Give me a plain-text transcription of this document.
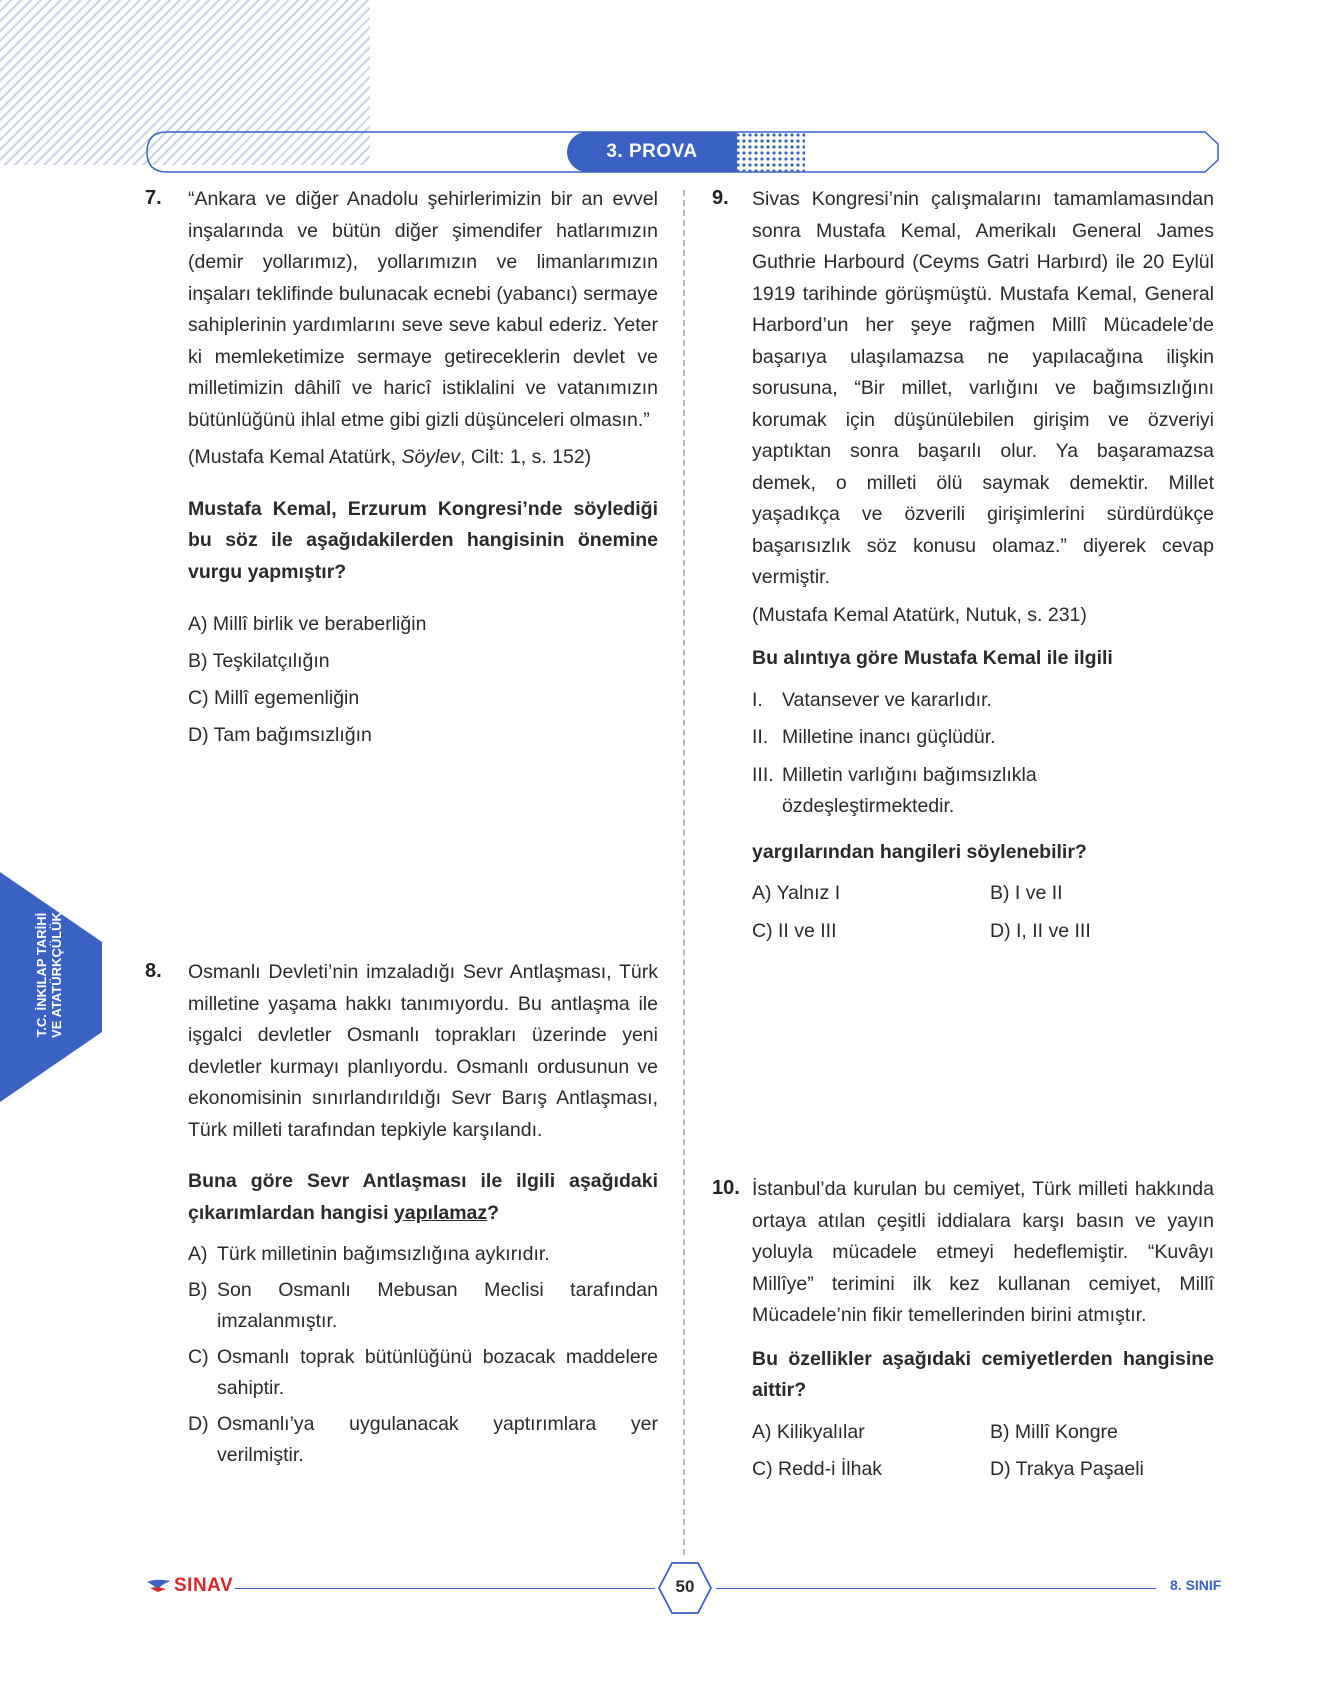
3. PROVA
T.C. İNKILAP TARİHİ VE ATATÜRKÇÜLÜK
7. “Ankara ve diğer Anadolu şehirlerimizin bir an evvel inşalarında ve bütün diğer şimendifer hatlarımızın (demir yollarımız), yollarımızın ve limanlarımızın inşaları teklifinde bulunacak ecnebi (yabancı) sermaye sahiplerinin yardımlarını seve seve kabul ederiz. Yeter ki memleketimize sermaye getireceklerin devlet ve milletimizin dâhilî ve haricî istiklalini ve vatanımızın bütünlüğünü ihlal etme gibi gizli düşünceleri olmasın.”

(Mustafa Kemal Atatürk, Söylev, Cilt: 1, s. 152)

Mustafa Kemal, Erzurum Kongresi’nde söylediği bu söz ile aşağıdakilerden hangisinin önemine vurgu yapmıştır?

A) Millî birlik ve beraberliğin

B) Teşkilatçılığın

C) Millî egemenliğin

D) Tam bağımsızlığın

8. Osmanlı Devleti’nin imzaladığı Sevr Antlaşması, Türk milletine yaşama hakkı tanımıyordu. Bu antlaşma ile işgalci devletler Osmanlı toprakları üzerinde yeni devletler kurmayı planlıyordu. Osmanlı ordusunun ve ekonomisinin sınırlandırıldığı Sevr Barış Antlaşması, Türk milleti tarafından tepkiyle karşılandı.

Buna göre Sevr Antlaşması ile ilgili aşağıdaki çıkarımlardan hangisi yapılamaz?

A) Türk milletinin bağımsızlığına aykırıdır.
B) Son Osmanlı Mebusan Meclisi tarafından imzalanmıştır.
C) Osmanlı toprak bütünlüğünü bozacak maddelere sahiptir.
D) Osmanlı’ya uygulanacak yaptırımlara yer verilmiştir.
9. Sivas Kongresi’nin çalışmalarını tamamlamasından sonra Mustafa Kemal, Amerikalı General James Guthrie Harbourd (Ceyms Gatri Harbırd) ile 20 Eylül 1919 tarihinde görüşmüştü. Mustafa Kemal, General Harbord’un her şeye rağmen Millî Mücadele’de başarıya ulaşılamazsa ne yapılacağına ilişkin sorusuna, “Bir millet, varlığını ve bağımsızlığını korumak için düşünülebilen girişim ve özveriyi yaptıktan sonra başarılı olur. Ya başaramazsa demek, o milleti ölü saymak demektir. Millet yaşadıkça ve özverili girişimlerini sürdürdükçe başarısızlık söz konusu olamaz.” diyerek cevap vermiştir.

(Mustafa Kemal Atatürk, Nutuk, s. 231)

Bu alıntıya göre Mustafa Kemal ile ilgili

I. Vatansever ve kararlıdır.
II. Milletine inancı güçlüdür.
III. Milletin varlığını bağımsızlıkla özdeşleştirmektedir.

yargılarından hangileri söylenebilir?

A) Yalnız I	B) I ve II
C) II ve III	D) I, II ve III
10. İstanbul’da kurulan bu cemiyet, Türk milleti hakkında ortaya atılan çeşitli iddialara karşı basın ve yayın yoluyla mücadele etmeyi hedeflemiştir. “Kuvâyı Millîye” terimini ilk kez kullanan cemiyet, Millî Mücadele’nin fikir temellerinden birini atmıştır.

Bu özellikler aşağıdaki cemiyetlerden hangisine aittir?

A) Kilikyalılar	B) Millî Kongre
C) Redd-i İlhak	D) Trakya Paşaeli
SINAV	50	8. SINIF
